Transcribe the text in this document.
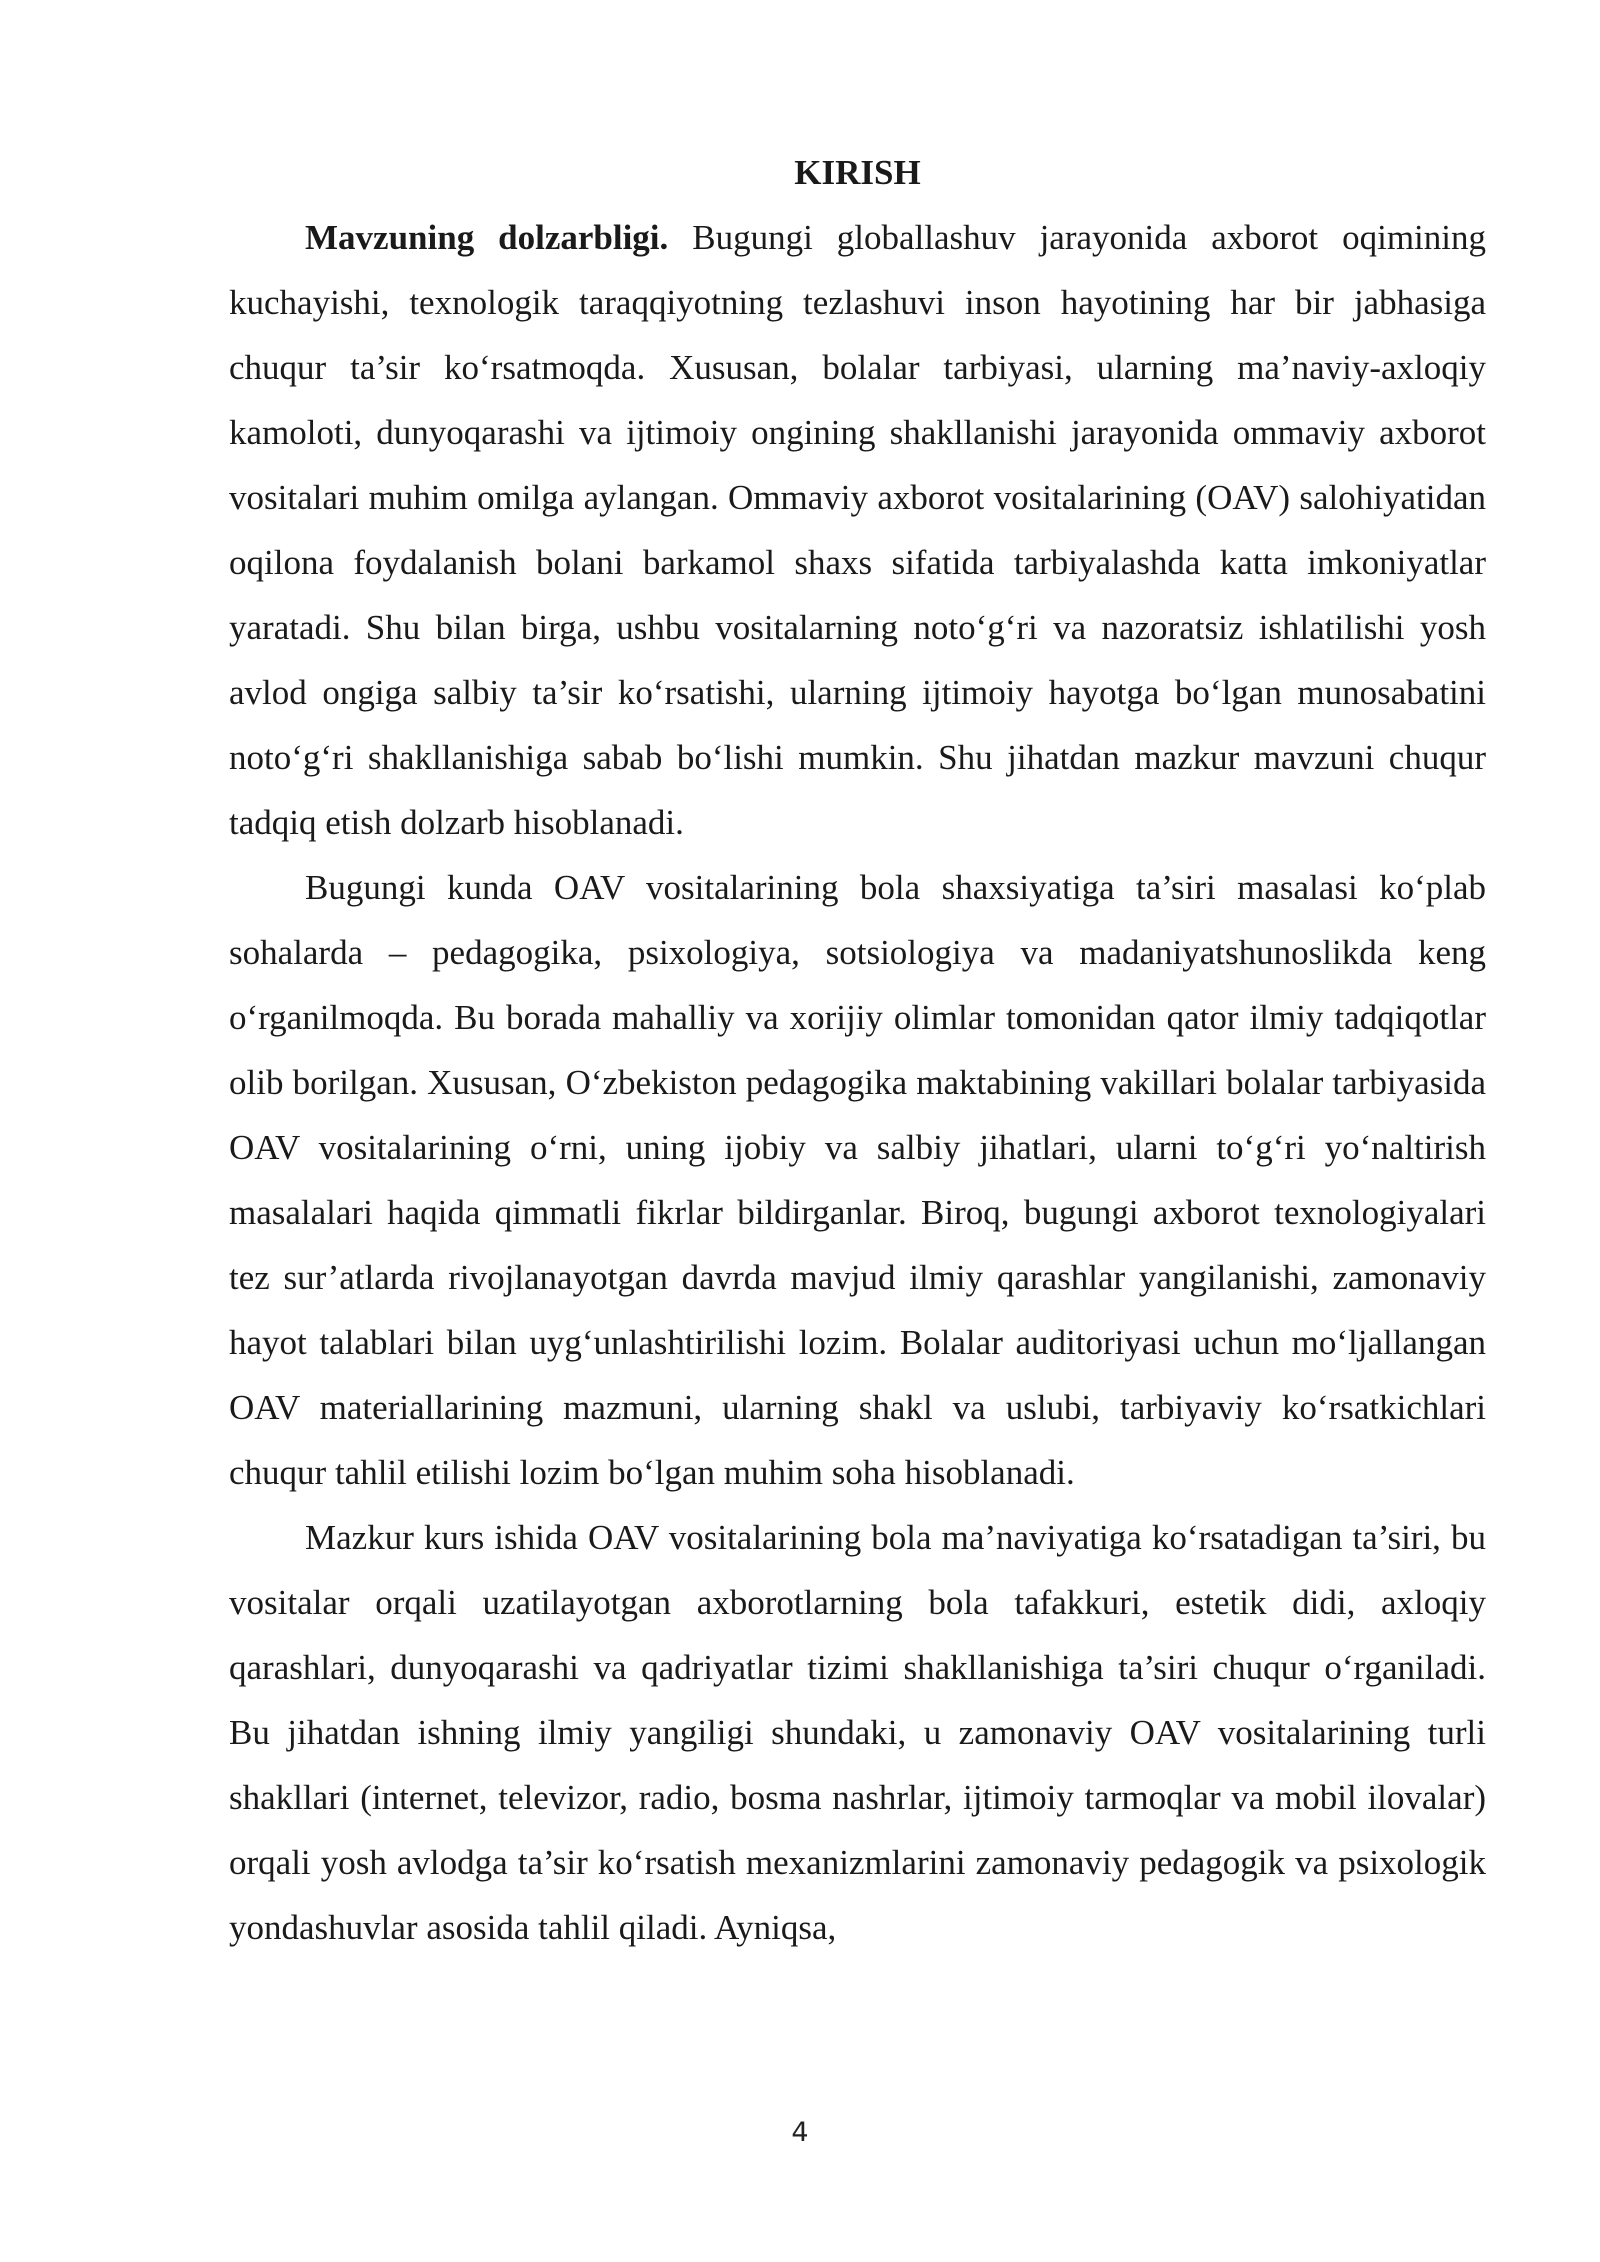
KIRISH

Mavzuning dolzarbligi. Bugungi globallashuv jarayonida axborot oqimining kuchayishi, texnologik taraqqiyotning tezlashuvi inson hayotining har bir jabhasiga chuqur ta’sir ko‘rsatmoqda. Xususan, bolalar tarbiyasi, ularning ma’naviy-axloqiy kamoloti, dunyoqarashi va ijtimoiy ongining shakllanishi jarayonida ommaviy axborot vositalari muhim omilga aylangan. Ommaviy axborot vositalarining (OAV) salohiyatidan oqilona foydalanish bolani barkamol shaxs sifatida tarbiyalashda katta imkoniyatlar yaratadi. Shu bilan birga, ushbu vositalarning noto‘g‘ri va nazoratsiz ishlatilishi yosh avlod ongiga salbiy ta’sir ko‘rsatishi, ularning ijtimoiy hayotga bo‘lgan munosabatini noto‘g‘ri shakllanishiga sabab bo‘lishi mumkin. Shu jihatdan mazkur mavzuni chuqur tadqiq etish dolzarb hisoblanadi.

Bugungi kunda OAV vositalarining bola shaxsiyatiga ta’siri masalasi ko‘plab sohalarda – pedagogika, psixologiya, sotsiologiya va madaniyatshunoslikda keng o‘rganilmoqda. Bu borada mahalliy va xorijiy olimlar tomonidan qator ilmiy tadqiqotlar olib borilgan. Xususan, O‘zbekiston pedagogika maktabining vakillari bolalar tarbiyasida OAV vositalarining o‘rni, uning ijobiy va salbiy jihatlari, ularni to‘g‘ri yo‘naltirish masalalari haqida qimmatli fikrlar bildirganlar. Biroq, bugungi axborot texnologiyalari tez sur’atlarda rivojlanayotgan davrda mavjud ilmiy qarashlar yangilanishi, zamonaviy hayot talablari bilan uyg‘unlashtirilishi lozim. Bolalar auditoriyasi uchun mo‘ljallangan OAV materiallarining mazmuni, ularning shakl va uslubi, tarbiyaviy ko‘rsatkichlari chuqur tahlil etilishi lozim bo‘lgan muhim soha hisoblanadi.

Mazkur kurs ishida OAV vositalarining bola ma’naviyatiga ko‘rsatadigan ta’siri, bu vositalar orqali uzatilayotgan axborotlarning bola tafakkuri, estetik didi, axloqiy qarashlari, dunyoqarashi va qadriyatlar tizimi shakllanishiga ta’siri chuqur o‘rganiladi. Bu jihatdan ishning ilmiy yangiligi shundaki, u zamonaviy OAV vositalarining turli shakllari (internet, televizor, radio, bosma nashrlar, ijtimoiy tarmoqlar va mobil ilovalar) orqali yosh avlodga ta’sir ko‘rsatish mexanizmlarini zamonaviy pedagogik va psixologik yondashuvlar asosida tahlil qiladi. Ayniqsa,

4
